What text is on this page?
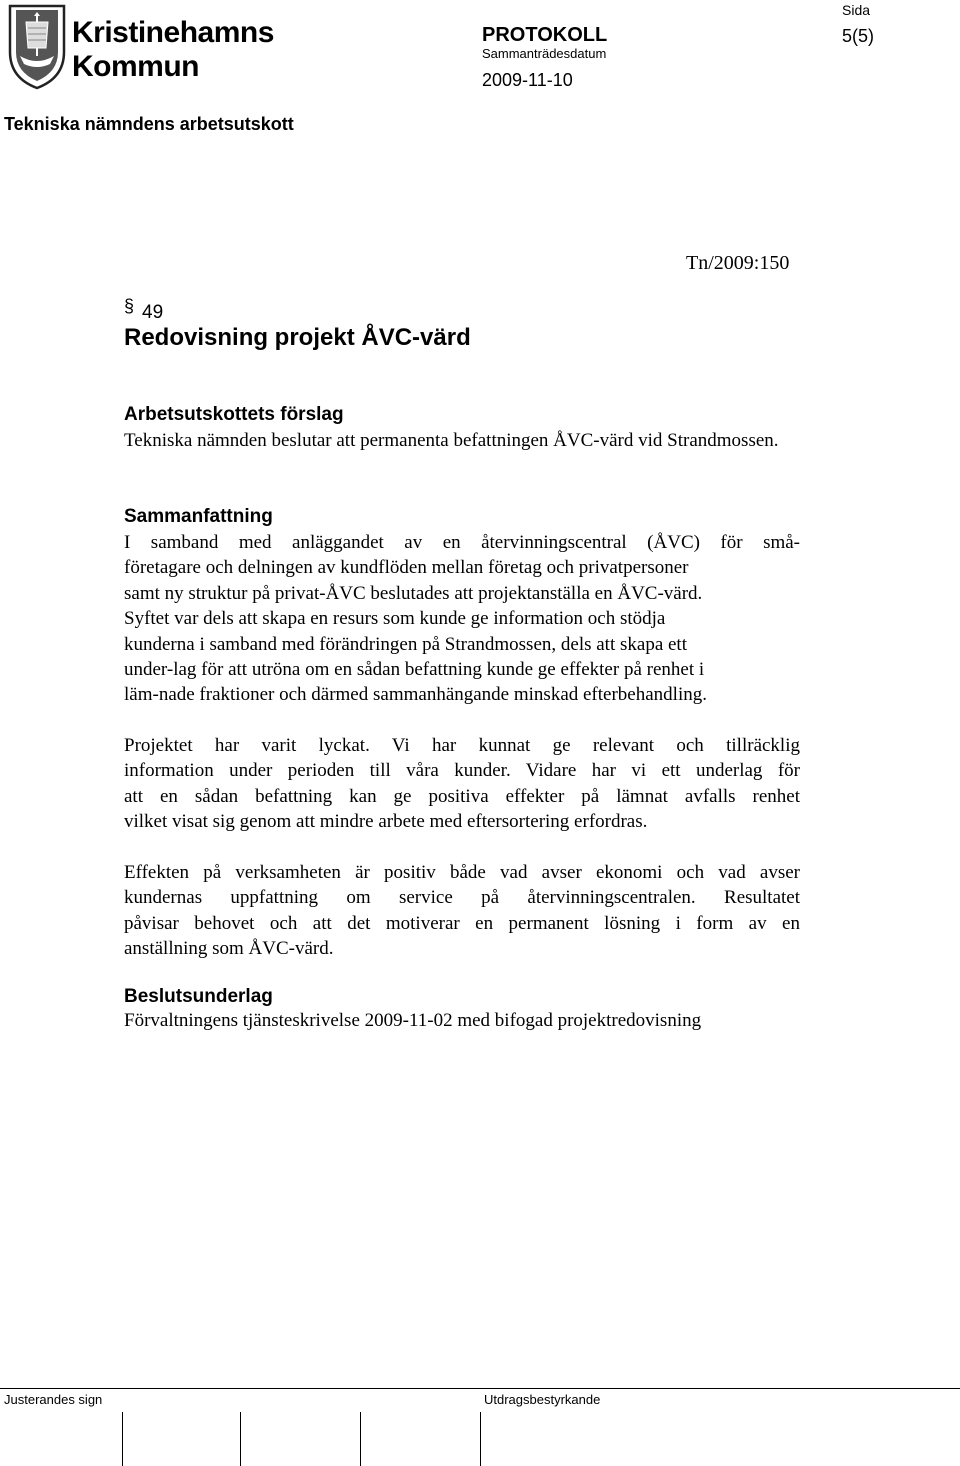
Kristinehamns
Kommun
PROTOKOLL
Sammanträdesdatum
2009-11-10
Sida
5(5)
Tekniska nämndens arbetsutskott
Tn/2009:150
§ 49
Redovisning projekt ÅVC-värd
Arbetsutskottets förslag
Tekniska nämnden beslutar att permanenta befattningen ÅVC-värd vid Strandmossen.
Sammanfattning
I samband med anläggandet av en återvinningscentral (ÅVC) för små-
företagare och delningen av kundflöden mellan företag och privatpersoner
samt ny struktur på privat-ÅVC beslutades att projektanställa en ÅVC-värd.
Syftet var dels att skapa en resurs som kunde ge information och stödja
kunderna i samband med förändringen på Strandmossen, dels att skapa ett
under-lag för att utröna om en sådan befattning kunde ge effekter på renhet i
läm-nade fraktioner och därmed sammanhängande minskad efterbehandling.
Projektet har varit lyckat. Vi har kunnat ge relevant och tillräcklig
information under perioden till våra kunder. Vidare har vi ett underlag för
att en sådan befattning kan ge positiva effekter på lämnat avfalls renhet
vilket visat sig genom att mindre arbete med eftersortering erfordras.
Effekten på verksamheten är positiv både vad avser ekonomi och vad avser
kundernas uppfattning om service på återvinningscentralen. Resultatet
påvisar behovet och att det motiverar en permanent lösning i form av en
anställning som ÅVC-värd.
Beslutsunderlag
Förvaltningens tjänsteskrivelse 2009-11-02 med bifogad projektredovisning
Justerandes sign	Utdragsbestyrkande
